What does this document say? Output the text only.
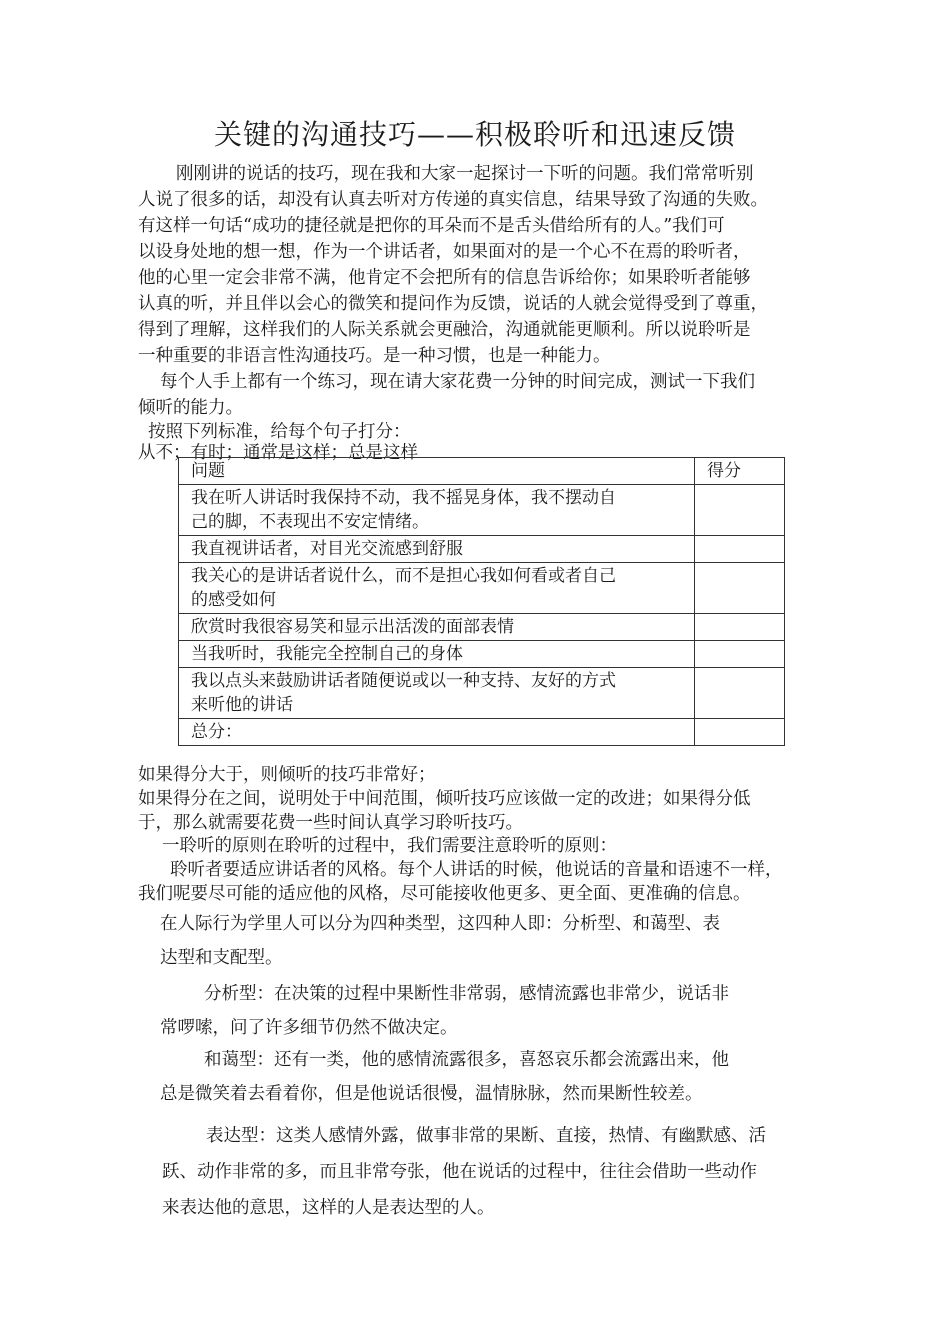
关键的沟通技巧——积极聆听和迅速反馈
刚刚讲的说话的技巧，现在我和大家一起探讨一下听的问题。我们常常听别
人说了很多的话，却没有认真去听对方传递的真实信息，结果导致了沟通的失败。
有这样一句话“成功的捷径就是把你的耳朵而不是舌头借给所有的人。”我们可
以设身处地的想一想，作为一个讲话者，如果面对的是一个心不在焉的聆听者，
他的心里一定会非常不满，他肯定不会把所有的信息告诉给你；如果聆听者能够
认真的听，并且伴以会心的微笑和提问作为反馈，说话的人就会觉得受到了尊重，
得到了理解，这样我们的人际关系就会更融洽，沟通就能更顺利。所以说聆听是
一种重要的非语言性沟通技巧。是一种习惯，也是一种能力。
每个人手上都有一个练习，现在请大家花费一分钟的时间完成，测试一下我们
倾听的能力。
按照下列标准，给每个句子打分：
从不；有时；通常是这样；总是这样
问题	得分

我在听人讲话时我保持不动，我不摇晃身体，我不摆动自
己的脚，不表现出不安定情绪。	

我直视讲话者，对目光交流感到舒服	

我关心的是讲话者说什么，而不是担心我如何看或者自己
的感受如何	

欣赏时我很容易笑和显示出活泼的面部表情	

当我听时，我能完全控制自己的身体	

我以点头来鼓励讲话者随便说或以一种支持、友好的方式
来听他的讲话	

总分：	
如果得分大于，则倾听的技巧非常好；
如果得分在之间，说明处于中间范围，倾听技巧应该做一定的改进；如果得分低
于，那么就需要花费一些时间认真学习聆听技巧。
一聆听的原则在聆听的过程中，我们需要注意聆听的原则：
聆听者要适应讲话者的风格。每个人讲话的时候，他说话的音量和语速不一样，
我们呢要尽可能的适应他的风格，尽可能接收他更多、更全面、更准确的信息。
在人际行为学里人可以分为四种类型，这四种人即：分析型、和蔼型、表
达型和支配型。
分析型：在决策的过程中果断性非常弱，感情流露也非常少，说话非
常啰嗦，问了许多细节仍然不做决定。
和蔼型：还有一类，他的感情流露很多，喜怒哀乐都会流露出来，他
总是微笑着去看着你，但是他说话很慢，温情脉脉，然而果断性较差。
表达型：这类人感情外露，做事非常的果断、直接，热情、有幽默感、活
跃、动作非常的多，而且非常夸张，他在说话的过程中，往往会借助一些动作
来表达他的意思，这样的人是表达型的人。
